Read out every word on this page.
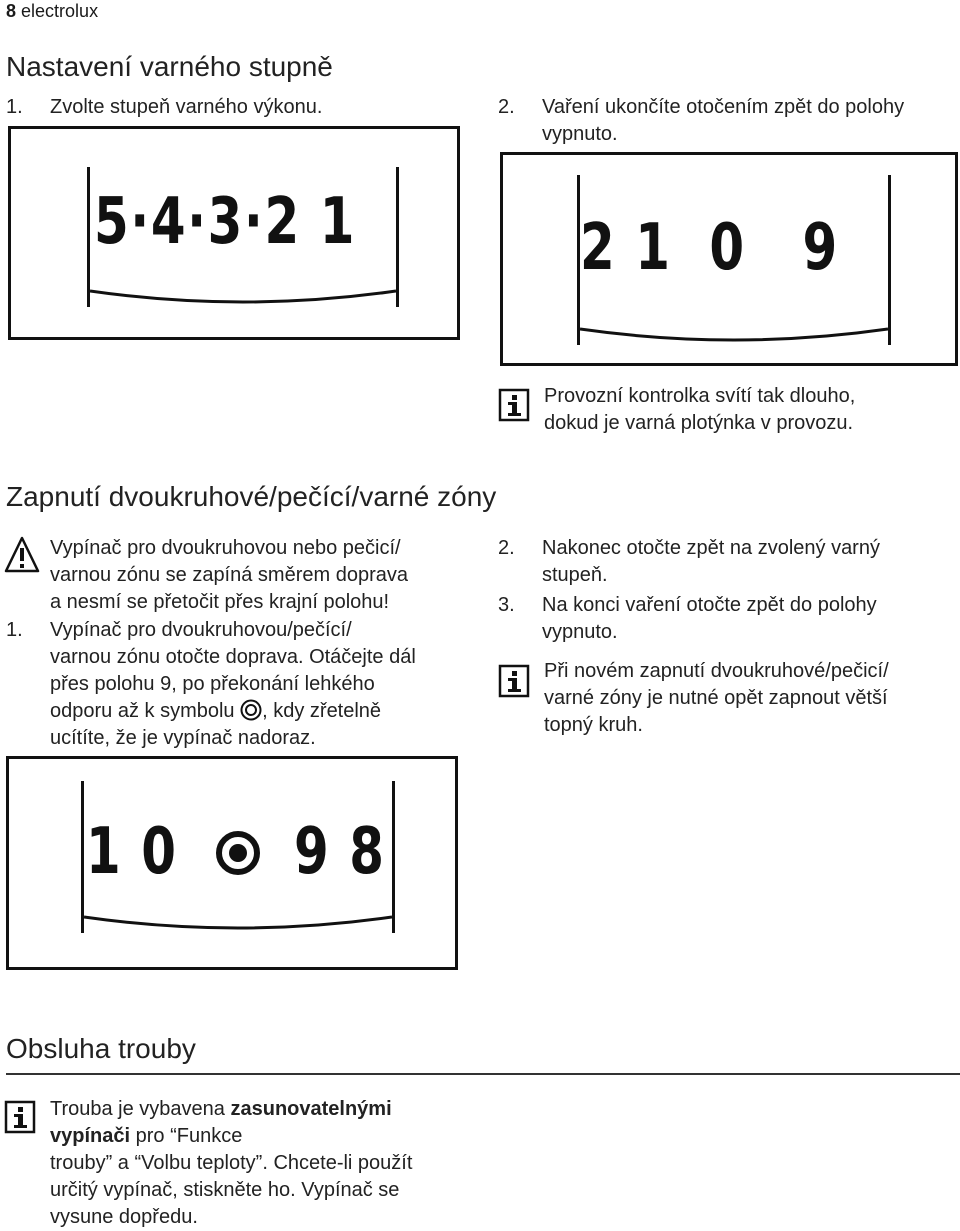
8 electrolux
Nastavení varného stupně
1. Zvolte stupeň varného výkonu.	2. Vaření ukončíte otočením zpět do polohy
vypnuto.
5·4·3·2 1	2 1  0   9
Provozní kontrolka svítí tak dlouho,
dokud je varná plotýnka v provozu.
Zapnutí dvoukruhové/pečící/varné zóny
Vypínač pro dvoukruhovou nebo pečicí/
varnou zónu se zapíná směrem doprava
a nesmí se přetočit přes krajní polohu!
1. Vypínač pro dvoukruhovou/pečící/
varnou zónu otočte doprava. Otáčejte dál
přes polohu 9, po překonání lehkého
odporu až k symbolu , kdy zřetelně
ucítíte, že je vypínač nadoraz.
2. Nakonec otočte zpět na zvolený varný
stupeň.
3. Na konci vaření otočte zpět do polohy
vypnuto.
Při novém zapnutí dvoukruhové/pečicí/
varné zóny je nutné opět zapnout větší
topný kruh.
1 0 9 8
Obsluha trouby
Trouba je vybavena zasunovatelnými
vypínači pro “Funkce
trouby” a “Volbu teploty”. Chcete-li použít
určitý vypínač, stiskněte ho. Vypínač se
vysune dopředu.
